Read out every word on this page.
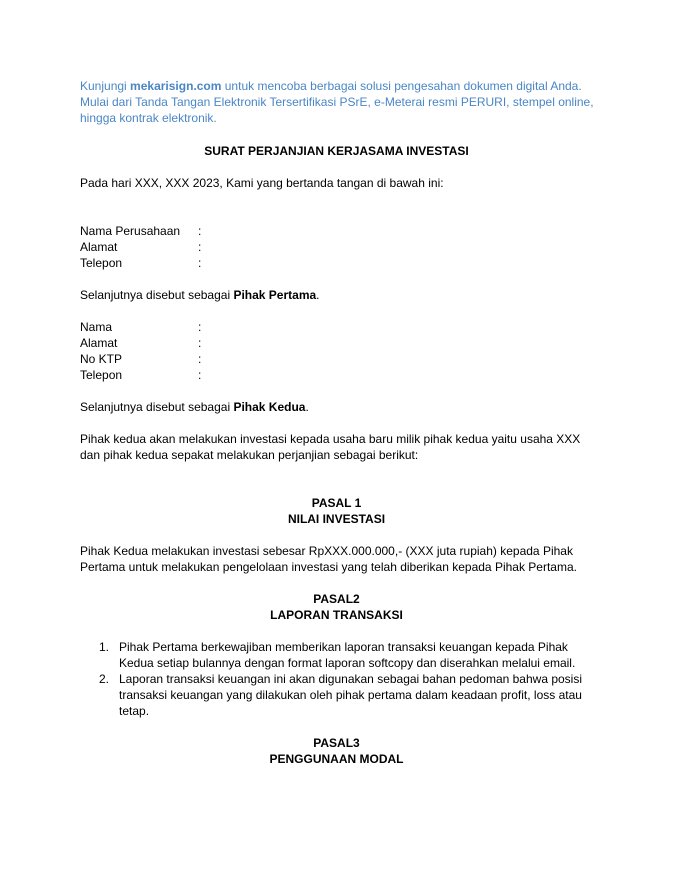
Kunjungi mekarisign.com untuk mencoba berbagai solusi pengesahan dokumen digital Anda. Mulai dari Tanda Tangan Elektronik Tersertifikasi PSrE, e-Meterai resmi PERURI, stempel online, hingga kontrak elektronik.
SURAT PERJANJIAN KERJASAMA INVESTASI
Pada hari XXX, XXX 2023, Kami yang bertanda tangan di bawah ini:
Nama Perusahaan :
Alamat	:
Telepon	:
Selanjutnya disebut sebagai Pihak Pertama.
Nama	:
Alamat	:
No KTP	:
Telepon	:
Selanjutnya disebut sebagai Pihak Kedua.
Pihak kedua akan melakukan investasi kepada usaha baru milik pihak kedua yaitu usaha XXX dan pihak kedua sepakat melakukan perjanjian sebagai berikut:
PASAL 1
NILAI INVESTASI
Pihak Kedua melakukan investasi sebesar RpXXX.000.000,- (XXX juta rupiah) kepada Pihak Pertama untuk melakukan pengelolaan investasi yang telah diberikan kepada Pihak Pertama.
PASAL2
LAPORAN TRANSAKSI
1. Pihak Pertama berkewajiban memberikan laporan transaksi keuangan kepada Pihak Kedua setiap bulannya dengan format laporan softcopy dan diserahkan melalui email.
2. Laporan transaksi keuangan ini akan digunakan sebagai bahan pedoman bahwa posisi transaksi keuangan yang dilakukan oleh pihak pertama dalam keadaan profit, loss atau tetap.
PASAL3
PENGGUNAAN MODAL
